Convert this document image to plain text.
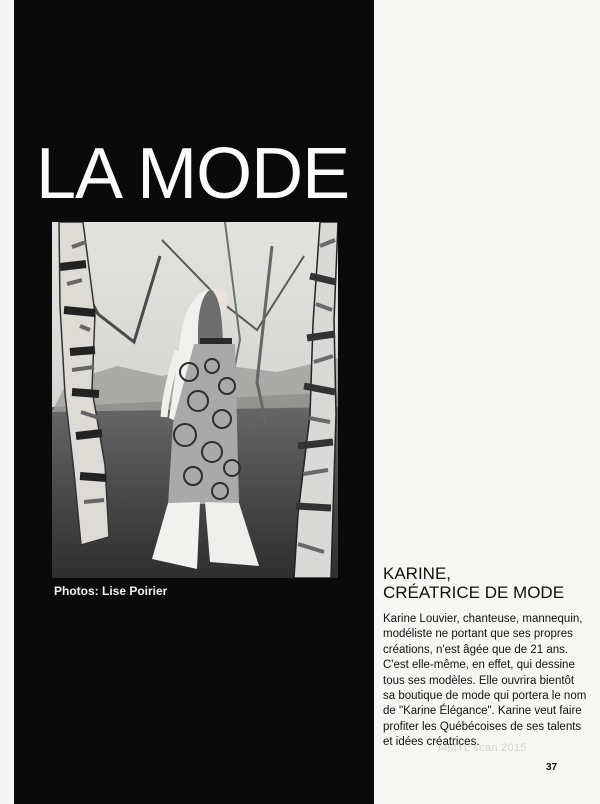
LA MODE
Photos: Lise Poirier
KARINE,
CRÉATRICE DE MODE
Karine Louvier, chanteuse, mannequin, modéliste ne portant que ses propres créations, n'est âgée que de 21 ans. C'est elle-même, en effet, qui dessine tous ses modèles. Elle ouvrira bientôt sa boutique de mode qui portera le nom de "Karine Élégance". Karine veut faire profiter les Québécoises de ses talents et idées créatrices.
MMTL scan 2015
37
